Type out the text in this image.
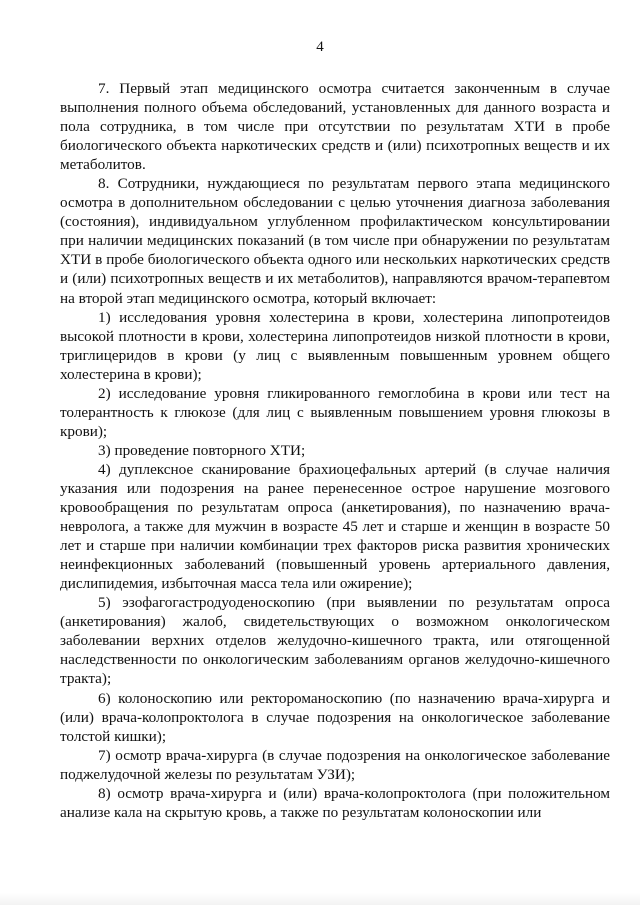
4

7. Первый этап медицинского осмотра считается законченным в случае выполнения полного объема обследований, установленных для данного возраста и пола сотрудника, в том числе при отсутствии по результатам ХТИ в пробе биологического объекта наркотических средств и (или) психотропных веществ и их метаболитов.

8. Сотрудники, нуждающиеся по результатам первого этапа медицинского осмотра в дополнительном обследовании с целью уточнения диагноза заболевания (состояния), индивидуальном углубленном профилактическом консультировании при наличии медицинских показаний (в том числе при обнаружении по результатам ХТИ в пробе биологического объекта одного или нескольких наркотических средств и (или) психотропных веществ и их метаболитов), направляются врачом-терапевтом на второй этап медицинского осмотра, который включает:

1) исследования уровня холестерина в крови, холестерина липопротеидов высокой плотности в крови, холестерина липопротеидов низкой плотности в крови, триглицеридов в крови (у лиц с выявленным повышенным уровнем общего холестерина в крови);

2) исследование уровня гликированного гемоглобина в крови или тест на толерантность к глюкозе (для лиц с выявленным повышением уровня глюкозы в крови);

3) проведение повторного ХТИ;

4) дуплексное сканирование брахиоцефальных артерий (в случае наличия указания или подозрения на ранее перенесенное острое нарушение мозгового кровообращения по результатам опроса (анкетирования), по назначению врача-невролога, а также для мужчин в возрасте 45 лет и старше и женщин в возрасте 50 лет и старше при наличии комбинации трех факторов риска развития хронических неинфекционных заболеваний (повышенный уровень артериального давления, дислипидемия, избыточная масса тела или ожирение);

5) эзофагогастродуоденоскопию (при выявлении по результатам опроса (анкетирования) жалоб, свидетельствующих о возможном онкологическом заболевании верхних отделов желудочно-кишечного тракта, или отягощенной наследственности по онкологическим заболеваниям органов желудочно-кишечного тракта);

6) колоноскопию или ректороманоскопию (по назначению врача-хирурга и (или) врача-колопроктолога в случае подозрения на онкологическое заболевание толстой кишки);

7) осмотр врача-хирурга (в случае подозрения на онкологическое заболевание поджелудочной железы по результатам УЗИ);

8) осмотр врача-хирурга и (или) врача-колопроктолога (при положительном анализе кала на скрытую кровь, а также по результатам колоноскопии или
